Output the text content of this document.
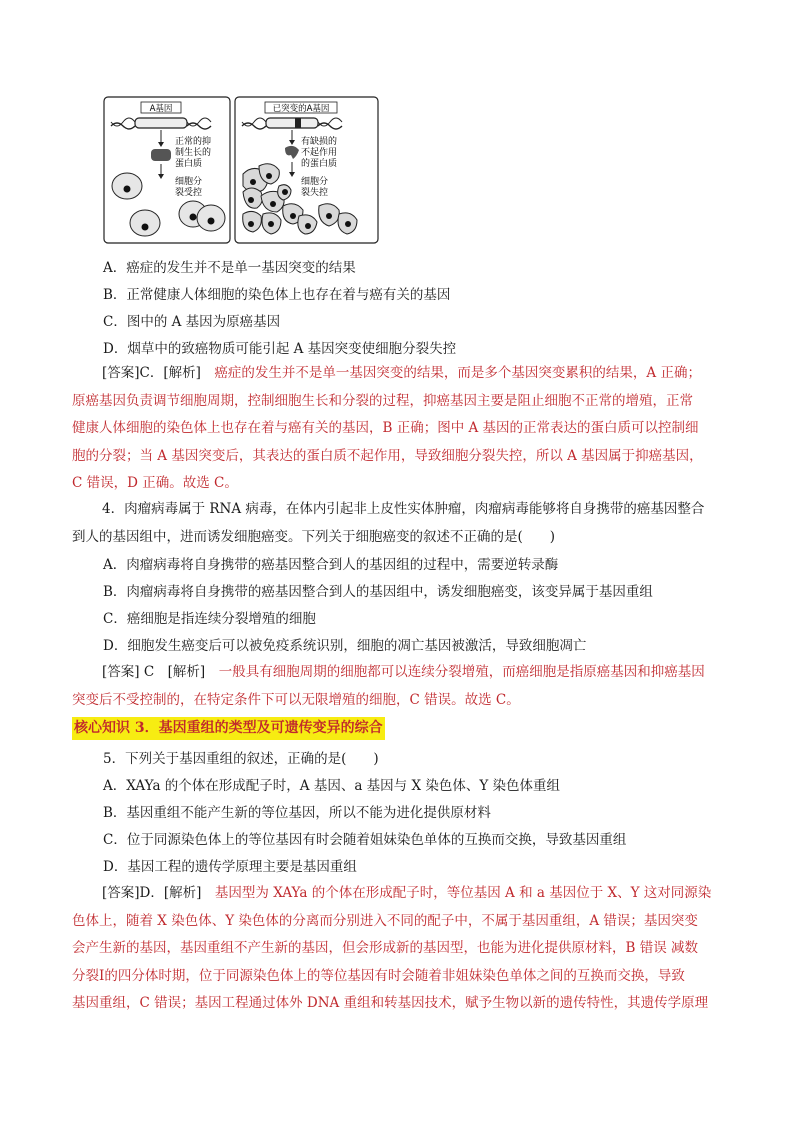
A基因
正常的抑
制生长的
蛋白质
细胞分
裂受控
已突变的A基因
有缺损的
不起作用
的蛋白质
细胞分
裂失控
A．癌症的发生并不是单一基因突变的结果
B．正常健康人体细胞的染色体上也存在着与癌有关的基因
C．图中的 A 基因为原癌基因
D．烟草中的致癌物质可能引起 A 基因突变使细胞分裂失控
[答案]C．[解析]　癌症的发生并不是单一基因突变的结果，而是多个基因突变累积的结果，A 正确；
原癌基因负责调节细胞周期，控制细胞生长和分裂的过程，抑癌基因主要是阻止细胞不正常的增殖，正常
健康人体细胞的染色体上也存在着与癌有关的基因，B 正确；图中 A 基因的正常表达的蛋白质可以控制细
胞的分裂；当 A 基因突变后，其表达的蛋白质不起作用，导致细胞分裂失控，所以 A 基因属于抑癌基因，
C 错误，D 正确。故选 C。
4．肉瘤病毒属于 RNA 病毒，在体内引起非上皮性实体肿瘤，肉瘤病毒能够将自身携带的癌基因整合
到人的基因组中，进而诱发细胞癌变。下列关于细胞癌变的叙述不正确的是(　　)
A．肉瘤病毒将自身携带的癌基因整合到人的基因组的过程中，需要逆转录酶
B．肉瘤病毒将自身携带的癌基因整合到人的基因组中，诱发细胞癌变，该变异属于基因重组
C．癌细胞是指连续分裂增殖的细胞
D．细胞发生癌变后可以被免疫系统识别，细胞的凋亡基因被激活，导致细胞凋亡
[答案] C　[解析]　一般具有细胞周期的细胞都可以连续分裂增殖，而癌细胞是指原癌基因和抑癌基因
突变后不受控制的，在特定条件下可以无限增殖的细胞，C 错误。故选 C。
核心知识 3．基因重组的类型及可遗传变异的综合
5．下列关于基因重组的叙述，正确的是(　　)
A．XAYa 的个体在形成配子时，A 基因、a 基因与 X 染色体、Y 染色体重组
B．基因重组不能产生新的等位基因，所以不能为进化提供原材料
C．位于同源染色体上的等位基因有时会随着姐妹染色单体的互换而交换，导致基因重组
D．基因工程的遗传学原理主要是基因重组
[答案]D．[解析]　基因型为 XAYa 的个体在形成配子时，等位基因 A 和 a 基因位于 X、Y 这对同源染
色体上，随着 X 染色体、Y 染色体的分离而分别进入不同的配子中，不属于基因重组，A 错误；基因突变
会产生新的基因，基因重组不产生新的基因，但会形成新的基因型，也能为进化提供原材料，B 错误 减数
分裂Ⅰ的四分体时期，位于同源染色体上的等位基因有时会随着非姐妹染色单体之间的互换而交换，导致
基因重组，C 错误；基因工程通过体外 DNA 重组和转基因技术，赋予生物以新的遗传特性，其遗传学原理
